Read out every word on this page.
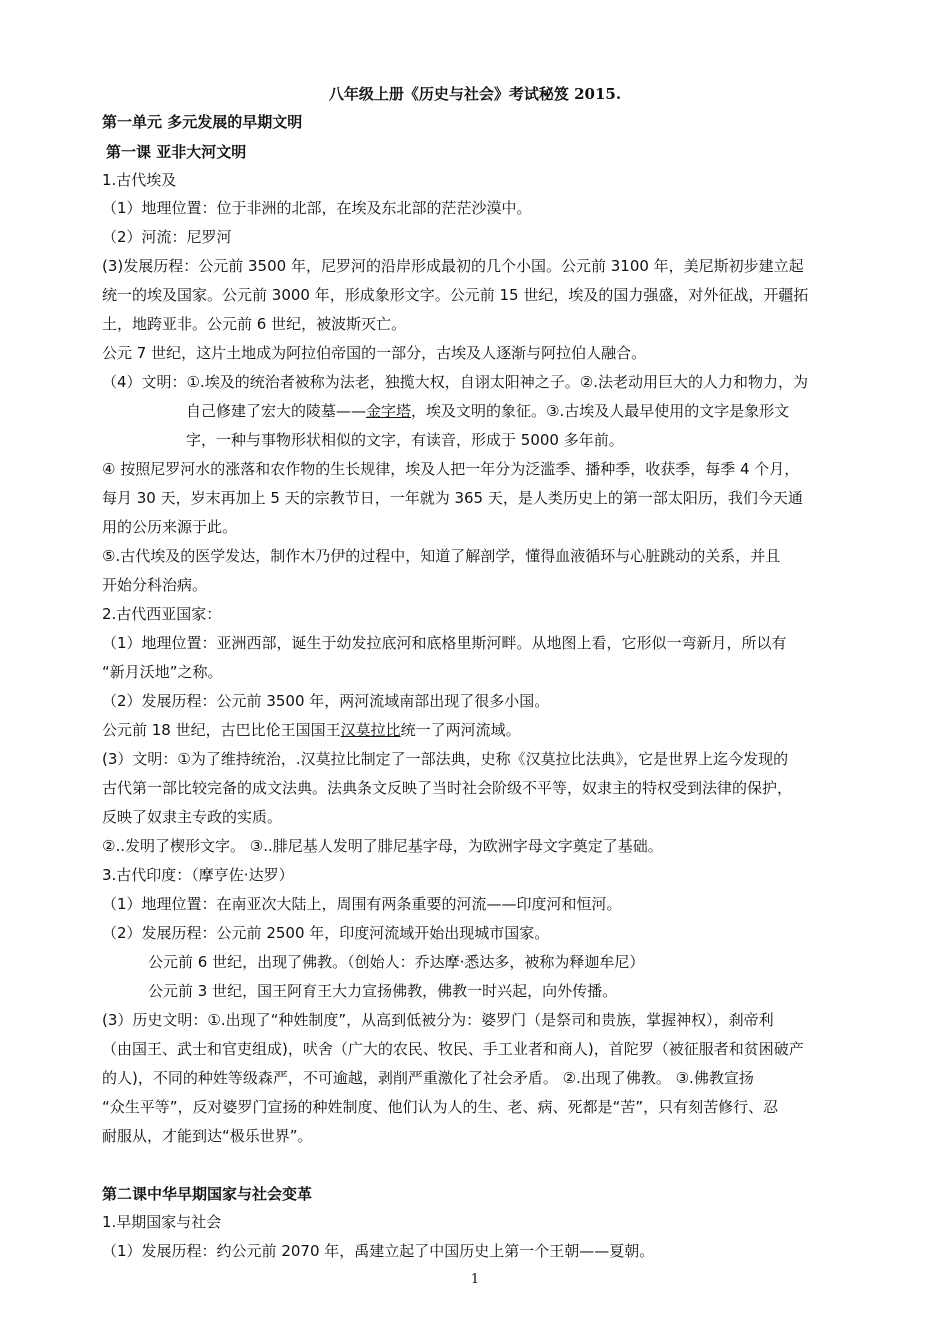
八年级上册《历史与社会》考试秘笈 2015.
第一单元 多元发展的早期文明
第一课 亚非大河文明
1.古代埃及
（1）地理位置：位于非洲的北部，在埃及东北部的茫茫沙漠中。
（2）河流：尼罗河
(3)发展历程：公元前 3500 年，尼罗河的沿岸形成最初的几个小国。公元前 3100 年，美尼斯初步建立起
统一的埃及国家。公元前 3000 年，形成象形文字。公元前 15 世纪，埃及的国力强盛，对外征战，开疆拓
土，地跨亚非。公元前 6 世纪，被波斯灭亡。
公元 7 世纪，这片土地成为阿拉伯帝国的一部分，古埃及人逐渐与阿拉伯人融合。
（4）文明：①.埃及的统治者被称为法老，独揽大权，自诩太阳神之子。②.法老动用巨大的人力和物力，为
自己修建了宏大的陵墓——金字塔，埃及文明的象征。③.古埃及人最早使用的文字是象形文
字，一种与事物形状相似的文字，有读音，形成于 5000 多年前。
④ 按照尼罗河水的涨落和农作物的生长规律，埃及人把一年分为泛滥季、播种季，收获季，每季 4 个月，
每月 30 天，岁末再加上 5 天的宗教节日，一年就为 365 天，是人类历史上的第一部太阳历，我们今天通
用的公历来源于此。
⑤.古代埃及的医学发达，制作木乃伊的过程中，知道了解剖学，懂得血液循环与心脏跳动的关系，并且
开始分科治病。
2.古代西亚国家：
（1）地理位置：亚洲西部，诞生于幼发拉底河和底格里斯河畔。从地图上看，它形似一弯新月，所以有
“新月沃地”之称。
（2）发展历程：公元前 3500 年，两河流域南部出现了很多小国。
公元前 18 世纪，古巴比伦王国国王汉莫拉比统一了两河流域。
(3）文明：①为了维持统治，.汉莫拉比制定了一部法典，史称《汉莫拉比法典》，它是世界上迄今发现的
古代第一部比较完备的成文法典。法典条文反映了当时社会阶级不平等，奴隶主的特权受到法律的保护，
反映了奴隶主专政的实质。
②..发明了楔形文字。 ③..腓尼基人发明了腓尼基字母，为欧洲字母文字奠定了基础。
3.古代印度：（摩亨佐·达罗）
（1）地理位置：在南亚次大陆上，周围有两条重要的河流——印度河和恒河。
（2）发展历程：公元前 2500 年，印度河流域开始出现城市国家。
公元前 6 世纪，出现了佛教。（创始人：乔达摩·悉达多，被称为释迦牟尼）
公元前 3 世纪，国王阿育王大力宣扬佛教，佛教一时兴起，向外传播。
(3）历史文明：①.出现了“种姓制度”，从高到低被分为：婆罗门（是祭司和贵族，掌握神权），刹帝利
（由国王、武士和官吏组成)，吠舍（广大的农民、牧民、手工业者和商人)，首陀罗（被征服者和贫困破产
的人)，不同的种姓等级森严，不可逾越，剥削严重激化了社会矛盾。 ②.出现了佛教。 ③.佛教宣扬
“众生平等”，反对婆罗门宣扬的种姓制度、他们认为人的生、老、病、死都是“苦”，只有刻苦修行、忍
耐服从，才能到达“极乐世界”。
第二课中华早期国家与社会变革
1.早期国家与社会
（1）发展历程：约公元前 2070 年，禹建立起了中国历史上第一个王朝——夏朝。
1
